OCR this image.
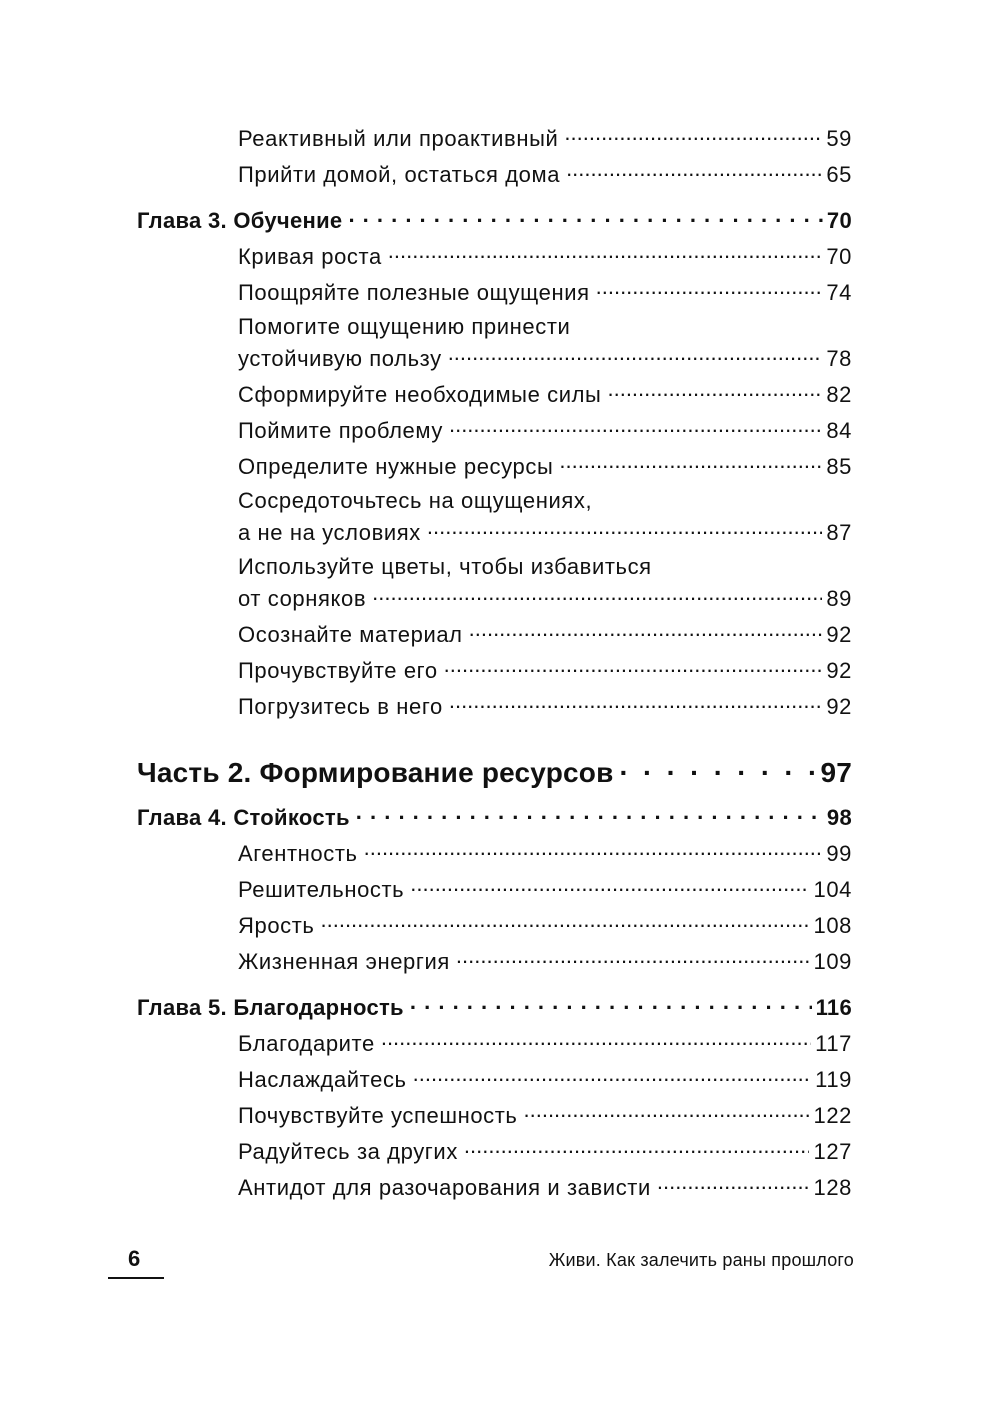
Реактивный или проактивный .....	59
Прийти домой, остаться дома .....	65
Глава 3. Обучение . . .	70
Кривая роста .....	70
Поощряйте полезные ощущения .....	74
Помогите ощущению принести
устойчивую пользу .....	78
Сформируйте необходимые силы .....	82
Поймите проблему .....	84
Определите нужные ресурсы .....	85
Сосредоточьтесь на ощущениях,
а не на условиях .....	87
Используйте цветы, чтобы избавиться
от сорняков .....	89
Осознайте материал .....	92
Прочувствуйте его .....	92
Погрузитесь в него .....	92
Часть 2. Формирование ресурсов . . .	97
Глава 4. Стойкость . . .	98
Агентность .....	99
Решительность .....	104
Ярость .....	108
Жизненная энергия .....	109
Глава 5. Благодарность . . .	116
Благодарите .....	117
Наслаждайтесь .....	119
Почувствуйте успешность .....	122
Радуйтесь за других .....	127
Антидот для разочарования и зависти .....	128
6	Живи. Как залечить раны прошлого
